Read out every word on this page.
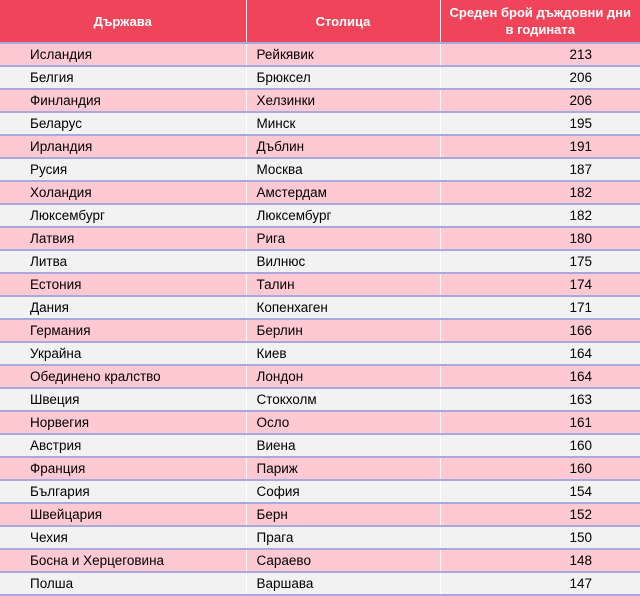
Държава	Столица	Среден брой дъждовни дни в годината
Исландия	Рейкявик	213
Белгия	Брюксел	206
Финландия	Хелзинки	206
Беларус	Минск	195
Ирландия	Дъблин	191
Русия	Москва	187
Холандия	Амстердам	182
Люксембург	Люксембург	182
Латвия	Рига	180
Литва	Вилнюс	175
Естония	Талин	174
Дания	Копенхаген	171
Германия	Берлин	166
Украйна	Киев	164
Обединено кралство	Лондон	164
Швеция	Стокхолм	163
Норвегия	Осло	161
Австрия	Виена	160
Франция	Париж	160
България	София	154
Швейцария	Берн	152
Чехия	Прага	150
Босна и Херцеговина	Сараево	148
Полша	Варшава	147
